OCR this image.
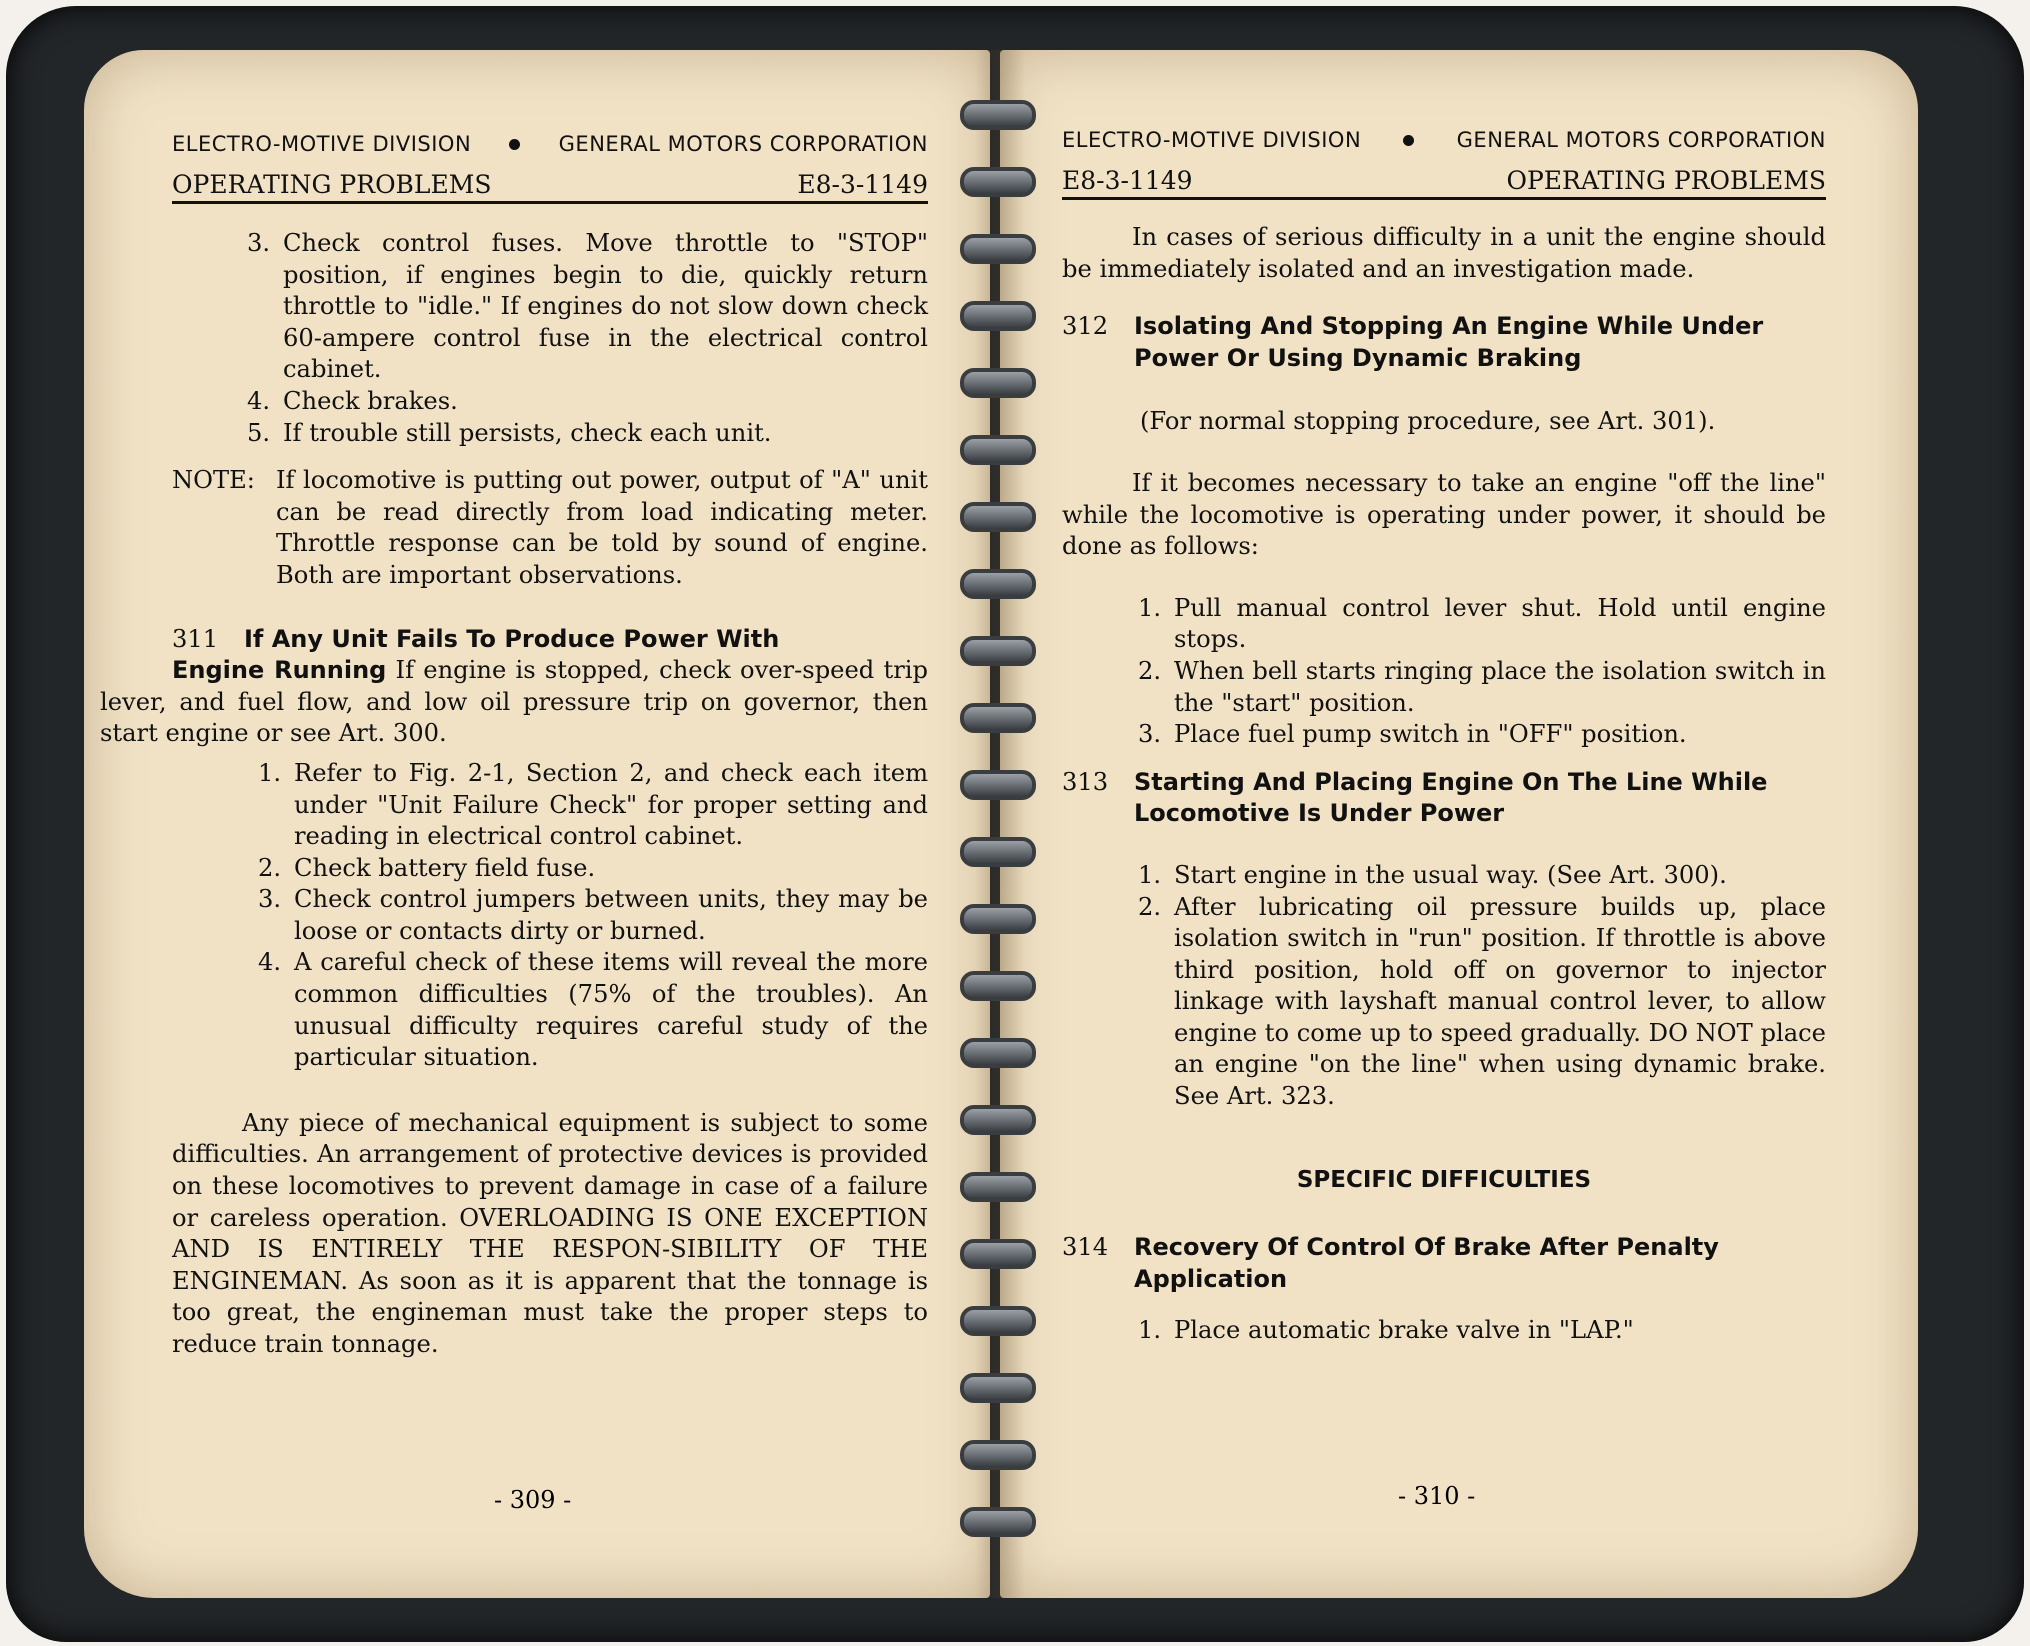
ELECTRO-MOTIVE DIVISION	GENERAL MOTORS CORPORATION
OPERATING PROBLEMS	E8-3-1149
3. Check control fuses. Move throttle to "STOP" position, if engines begin to die, quickly return throttle to "idle." If engines do not slow down check 60-ampere control fuse in the electrical control cabinet.
4. Check brakes.
5. If trouble still persists, check each unit.
NOTE: If locomotive is putting out power, output of "A" unit can be read directly from load indicating meter. Throttle response can be told by sound of engine. Both are important observations.
311	If Any Unit Fails To Produce Power With

Engine Running If engine is stopped, check over-speed trip lever, and fuel flow, and low oil pressure trip on governor, then start engine or see Art. 300.

1. Refer to Fig. 2-1, Section 2, and check each item under "Unit Failure Check" for proper setting and reading in electrical control cabinet.
2. Check battery field fuse.
3. Check control jumpers between units, they may be loose or contacts dirty or burned.
4. A careful check of these items will reveal the more common difficulties (75% of the troubles). An unusual difficulty requires careful study of the particular situation.

Any piece of mechanical equipment is subject to some difficulties. An arrangement of protective devices is provided on these locomotives to prevent damage in case of a failure or careless operation. OVERLOADING IS ONE EXCEPTION AND IS ENTIRELY THE RESPON-SIBILITY OF THE ENGINEMAN. As soon as it is apparent that the tonnage is too great, the engineman must take the proper steps to reduce train tonnage.

- 309 -
ELECTRO-MOTIVE DIVISION	GENERAL MOTORS CORPORATION
E8-3-1149	OPERATING PROBLEMS

In cases of serious difficulty in a unit the engine should be immediately isolated and an investigation made.

312	Isolating And Stopping An Engine While Under Power Or Using Dynamic Braking

(For normal stopping procedure, see Art. 301).

If it becomes necessary to take an engine "off the line" while the locomotive is operating under power, it should be done as follows:

1. Pull manual control lever shut. Hold until engine stops.
2. When bell starts ringing place the isolation switch in the "start" position.
3. Place fuel pump switch in "OFF" position.
313	Starting And Placing Engine On The Line While Locomotive Is Under Power
1. Start engine in the usual way. (See Art. 300).
2. After lubricating oil pressure builds up, place isolation switch in "run" position. If throttle is above third position, hold off on governor to injector linkage with layshaft manual control lever, to allow engine to come up to speed gradually. DO NOT place an engine "on the line" when using dynamic brake. See Art. 323.
SPECIFIC DIFFICULTIES
314	Recovery Of Control Of Brake After Penalty Application
1. Place automatic brake valve in "LAP."
- 310 -
